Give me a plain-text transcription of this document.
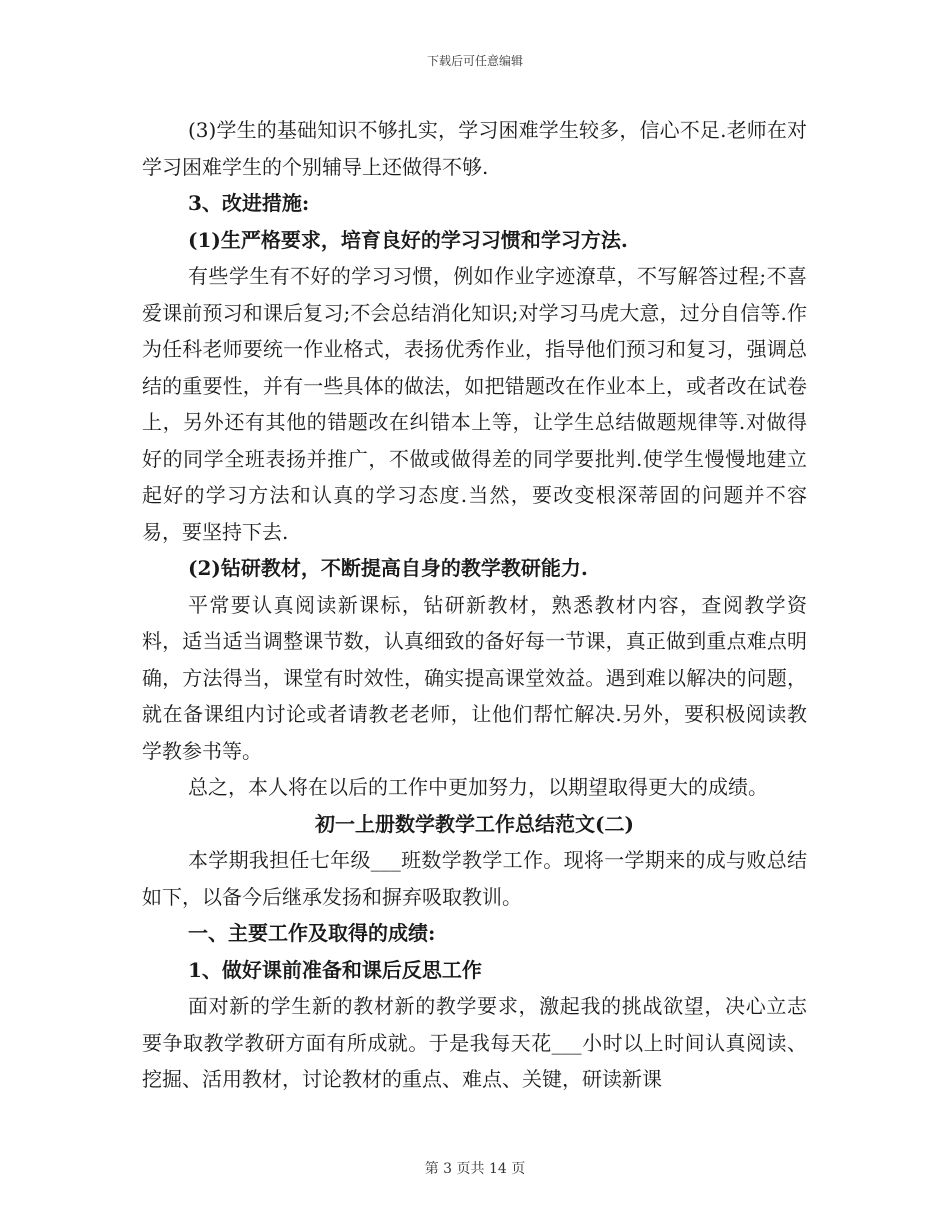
下载后可任意编辑

(3)学生的基础知识不够扎实，学习困难学生较多，信心不足.老师在对学习困难学生的个别辅导上还做得不够.

3、改进措施:

(1)生严格要求，培育良好的学习习惯和学习方法.

有些学生有不好的学习习惯，例如作业字迹潦草，不写解答过程;不喜爱课前预习和课后复习;不会总结消化知识;对学习马虎大意，过分自信等.作为任科老师要统一作业格式，表扬优秀作业，指导他们预习和复习，强调总结的重要性，并有一些具体的做法，如把错题改在作业本上，或者改在试卷上，另外还有其他的错题改在纠错本上等，让学生总结做题规律等.对做得好的同学全班表扬并推广，不做或做得差的同学要批判.使学生慢慢地建立起好的学习方法和认真的学习态度.当然，要改变根深蒂固的问题并不容易，要坚持下去.

(2)钻研教材，不断提高自身的教学教研能力.

平常要认真阅读新课标，钻研新教材，熟悉教材内容，查阅教学资料，适当适当调整课节数，认真细致的备好每一节课，真正做到重点难点明确，方法得当，课堂有时效性，确实提高课堂效益。遇到难以解决的问题，就在备课组内讨论或者请教老老师，让他们帮忙解决.另外，要积极阅读教学教参书等。

总之，本人将在以后的工作中更加努力，以期望取得更大的成绩。

初一上册数学教学工作总结范文(二)

本学期我担任七年级___班数学教学工作。现将一学期来的成与败总结如下，以备今后继承发扬和摒弃吸取教训。

一、主要工作及取得的成绩:

1、做好课前准备和课后反思工作

面对新的学生新的教材新的教学要求，激起我的挑战欲望，决心立志要争取教学教研方面有所成就。于是我每天花___小时以上时间认真阅读、挖掘、活用教材，讨论教材的重点、难点、关键，研读新课

第 3 页共 14 页
